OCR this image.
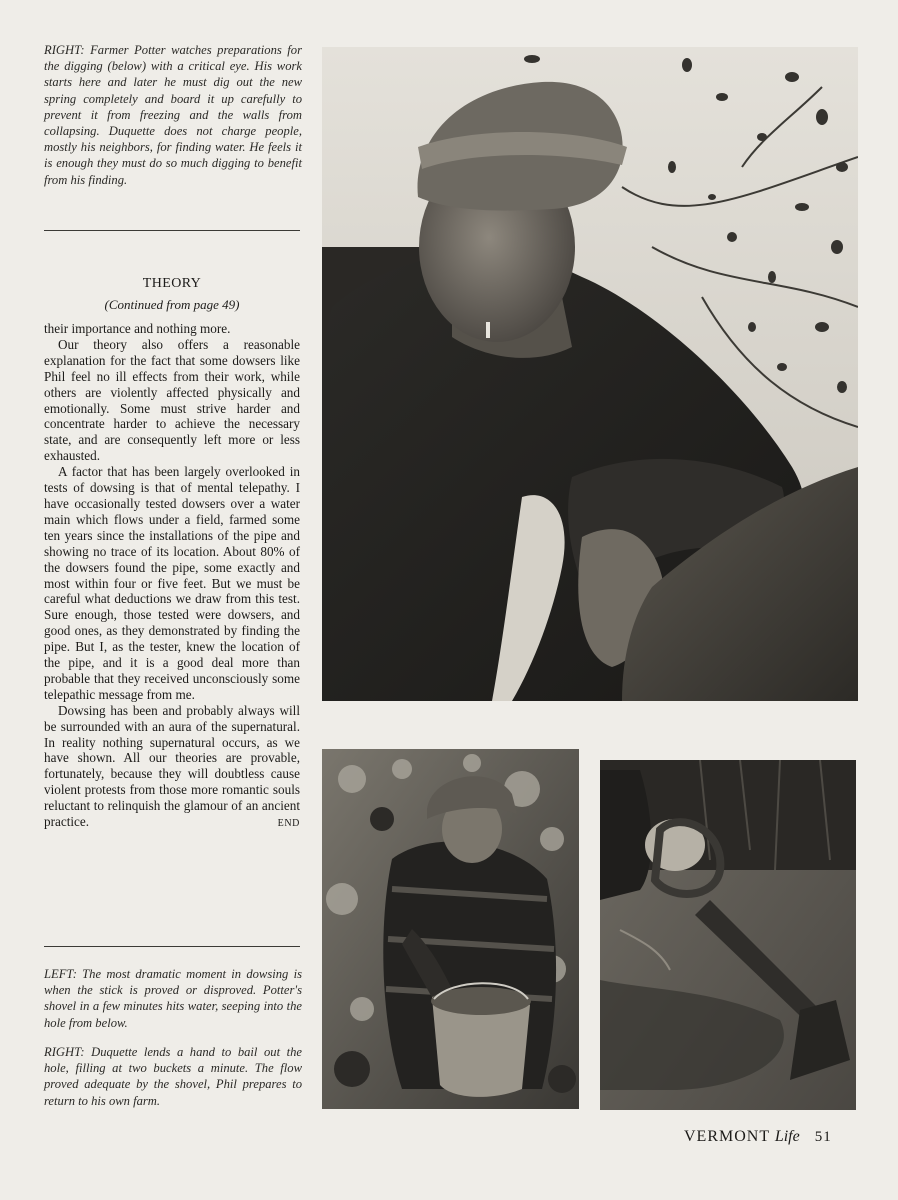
RIGHT: Farmer Potter watches preparations for the digging (below) with a critical eye. His work starts here and later he must dig out the new spring completely and board it up carefully to prevent it from freezing and the walls from collapsing. Duquette does not charge people, mostly his neighbors, for finding water. He feels it is enough they must do so much digging to benefit from his finding.

THEORY
(Continued from page 49)

their importance and nothing more.

Our theory also offers a reasonable explanation for the fact that some dowsers like Phil feel no ill effects from their work, while others are violently affected physically and emotionally. Some must strive harder and concentrate harder to achieve the necessary state, and are consequently left more or less exhausted.

A factor that has been largely overlooked in tests of dowsing is that of mental telepathy. I have occasionally tested dowsers over a water main which flows under a field, farmed some ten years since the installations of the pipe and showing no trace of its location. About 80% of the dowsers found the pipe, some exactly and most within four or five feet. But we must be careful what deductions we draw from this test. Sure enough, those tested were dowsers, and good ones, as they demonstrated by finding the pipe. But I, as the tester, knew the location of the pipe, and it is a good deal more than probable that they received unconsciously some telepathic message from me.

Dowsing has been and probably always will be surrounded with an aura of the supernatural. In reality nothing supernatural occurs, as we have shown. All our theories are provable, fortunately, because they will doubtless cause violent protests from those more romantic souls reluctant to relinquish the glamour of an ancient practice.	END

LEFT: The most dramatic moment in dowsing is when the stick is proved or disproved. Potter's shovel in a few minutes hits water, seeping into the hole from below.

RIGHT: Duquette lends a hand to bail out the hole, filling at two buckets a minute. The flow proved adequate by the shovel, Phil prepares to return to his own farm.

VERMONT Life 51
